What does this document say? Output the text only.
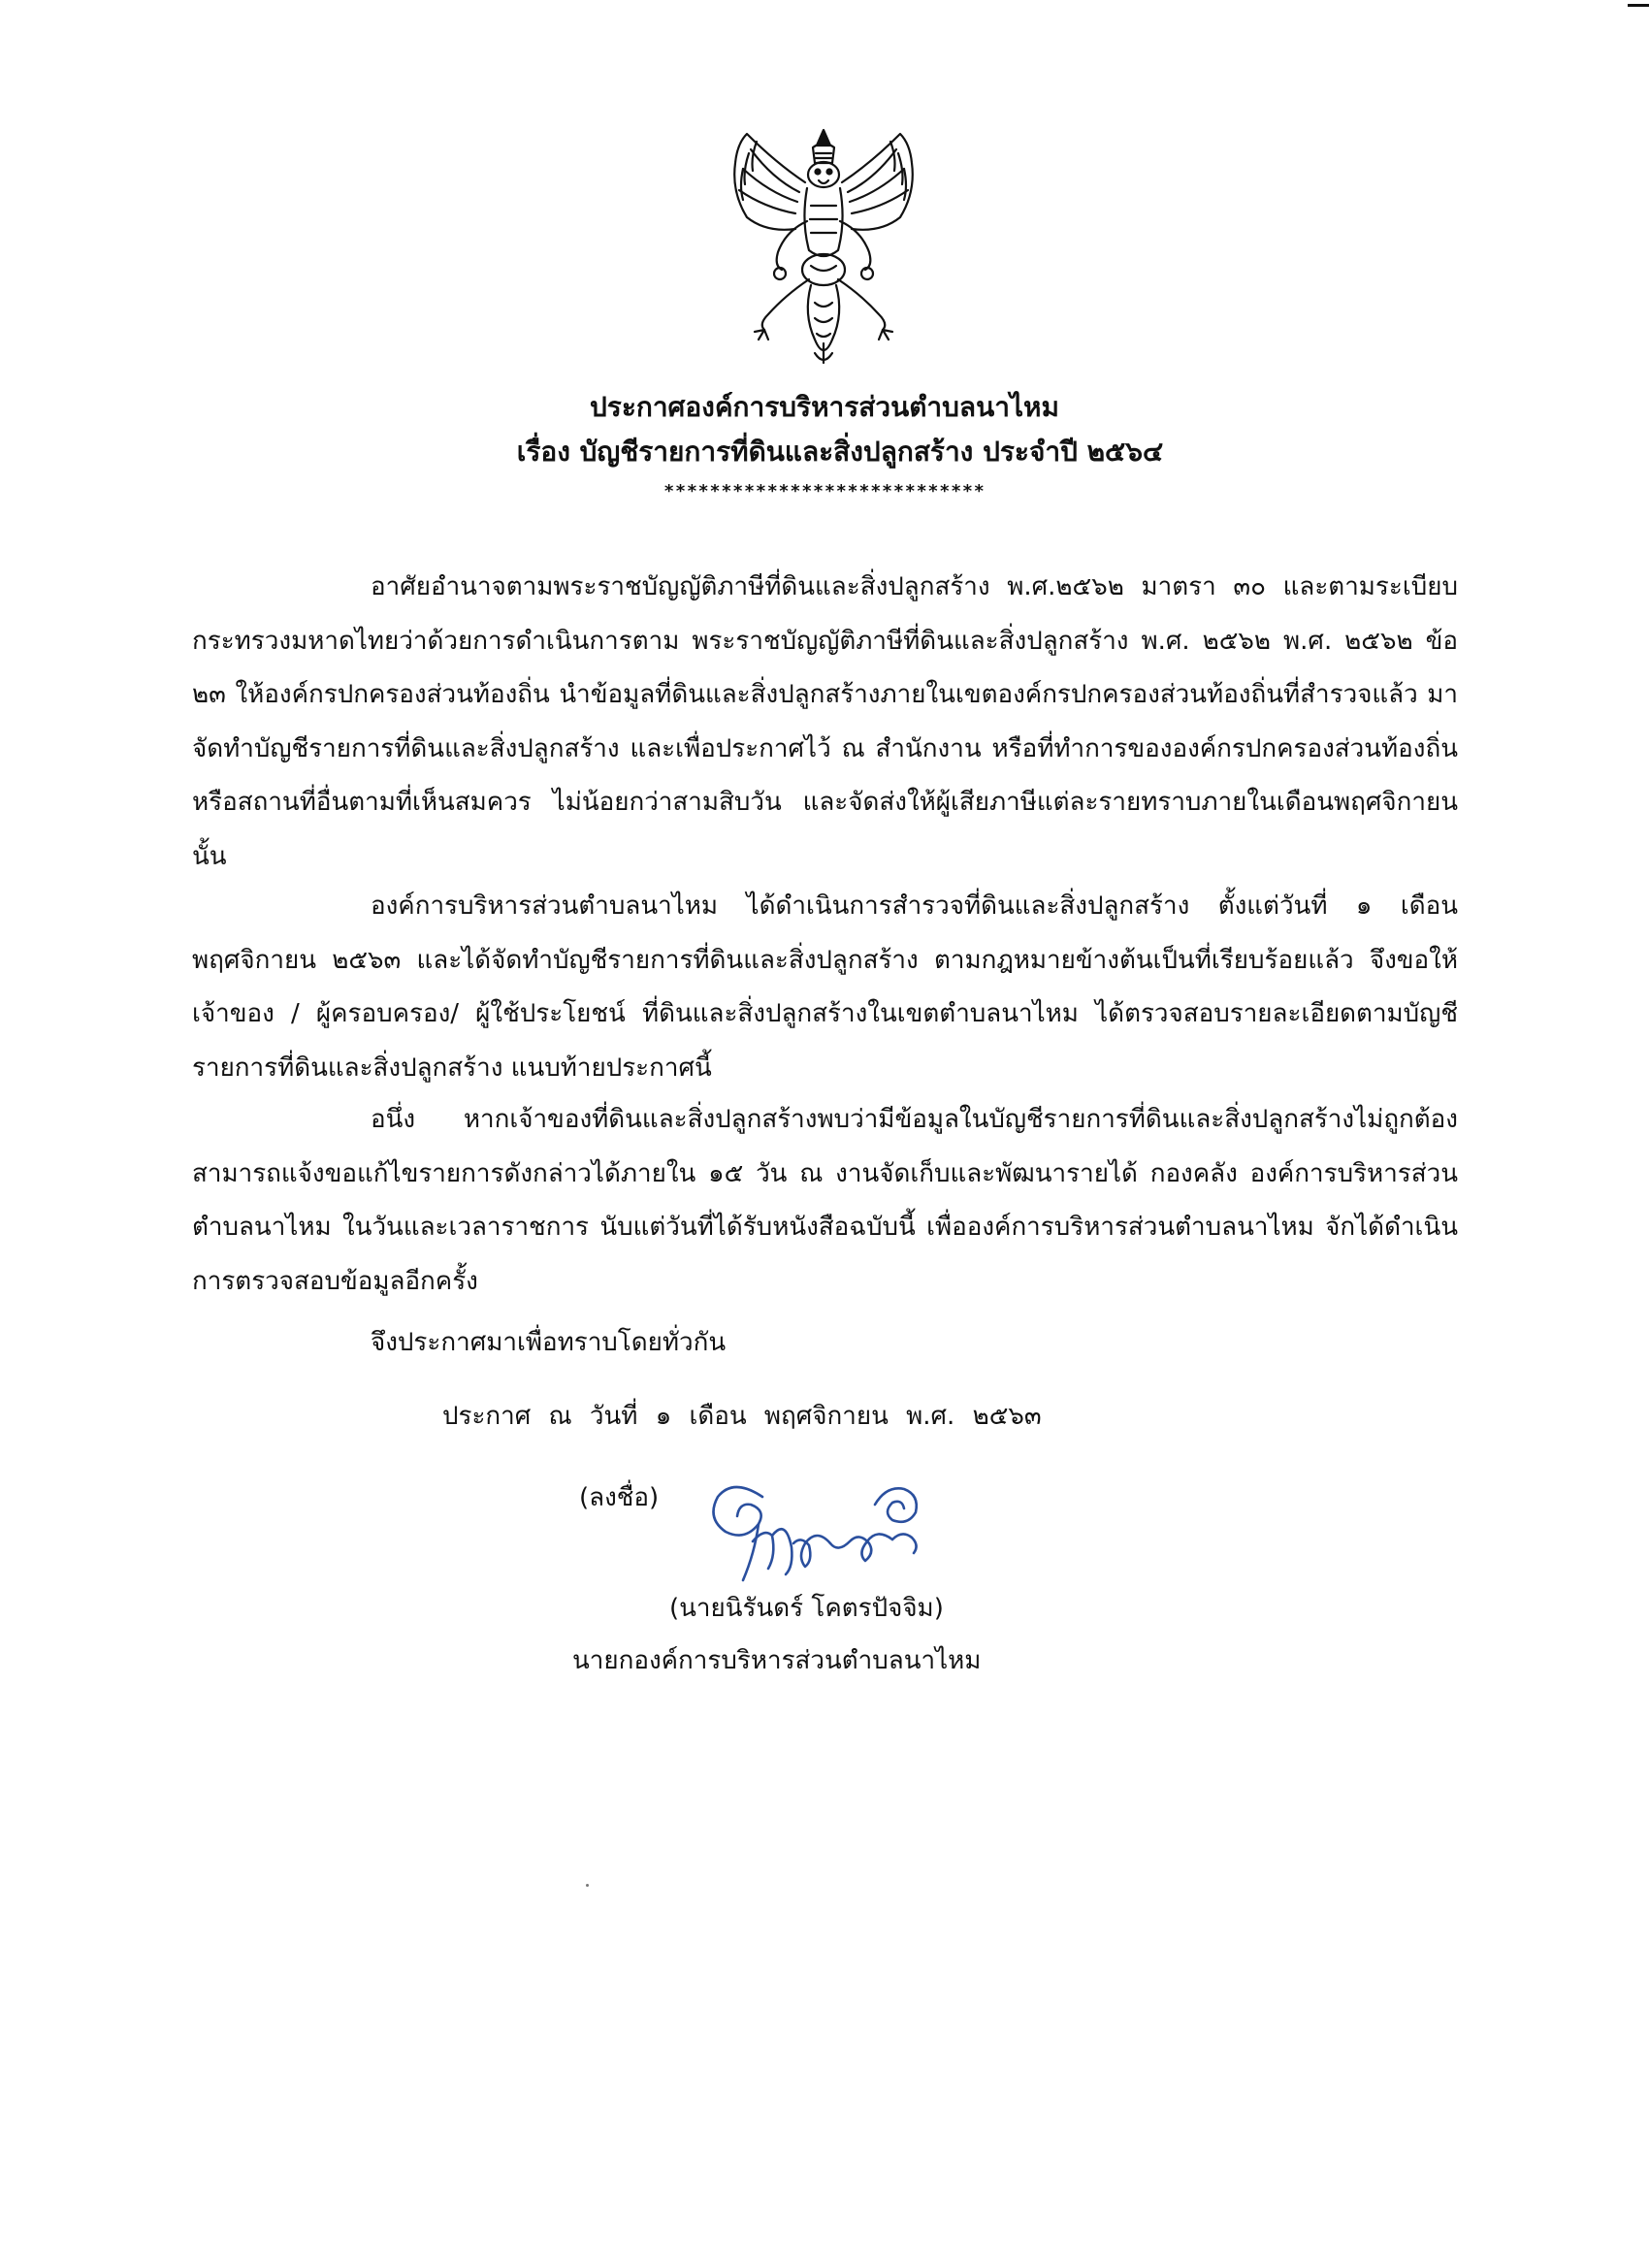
ประกาศองค์การบริหารส่วนตำบลนาไหม
เรื่อง บัญชีรายการที่ดินและสิ่งปลูกสร้าง ประจำปี ๒๕๖๔
****************************
อาศัยอำนาจตามพระราชบัญญัติภาษีที่ดินและสิ่งปลูกสร้าง พ.ศ.๒๕๖๒ มาตรา ๓๐ และตามระเบียบกระทรวงมหาดไทยว่าด้วยการดำเนินการตาม พระราชบัญญัติภาษีที่ดินและสิ่งปลูกสร้าง พ.ศ. ๒๕๖๒ พ.ศ. ๒๕๖๒ ข้อ ๒๓ ให้องค์กรปกครองส่วนท้องถิ่น นำข้อมูลที่ดินและสิ่งปลูกสร้างภายในเขตองค์กรปกครองส่วนท้องถิ่นที่สำรวจแล้ว มาจัดทำบัญชีรายการที่ดินและสิ่งปลูกสร้าง และเพื่อประกาศไว้ ณ สำนักงาน หรือที่ทำการขององค์กรปกครองส่วนท้องถิ่น หรือสถานที่อื่นตามที่เห็นสมควร ไม่น้อยกว่าสามสิบวัน และจัดส่งให้ผู้เสียภาษีแต่ละรายทราบภายในเดือนพฤศจิกายน นั้น
องค์การบริหารส่วนตำบลนาไหม ได้ดำเนินการสำรวจที่ดินและสิ่งปลูกสร้าง ตั้งแต่วันที่ ๑ เดือนพฤศจิกายน ๒๕๖๓ และได้จัดทำบัญชีรายการที่ดินและสิ่งปลูกสร้าง ตามกฎหมายข้างต้นเป็นที่เรียบร้อยแล้ว จึงขอให้ เจ้าของ / ผู้ครอบครอง/ ผู้ใช้ประโยชน์ ที่ดินและสิ่งปลูกสร้างในเขตตำบลนาไหม ได้ตรวจสอบรายละเอียดตามบัญชีรายการที่ดินและสิ่งปลูกสร้าง แนบท้ายประกาศนี้
อนึ่ง หากเจ้าของที่ดินและสิ่งปลูกสร้างพบว่ามีข้อมูลในบัญชีรายการที่ดินและสิ่งปลูกสร้างไม่ถูกต้อง สามารถแจ้งขอแก้ไขรายการดังกล่าวได้ภายใน ๑๕ วัน ณ งานจัดเก็บและพัฒนารายได้ กองคลัง องค์การบริหารส่วนตำบลนาไหม ในวันและเวลาราชการ นับแต่วันที่ได้รับหนังสือฉบับนี้ เพื่อองค์การบริหารส่วนตำบลนาไหม จักได้ดำเนินการตรวจสอบข้อมูลอีกครั้ง
จึงประกาศมาเพื่อทราบโดยทั่วกัน
ประกาศ ณ วันที่ ๑ เดือน พฤศจิกายน พ.ศ. ๒๕๖๓
(ลงชื่อ)
(นายนิรันดร์ โคตรปัจจิม)
นายกองค์การบริหารส่วนตำบลนาไหม
